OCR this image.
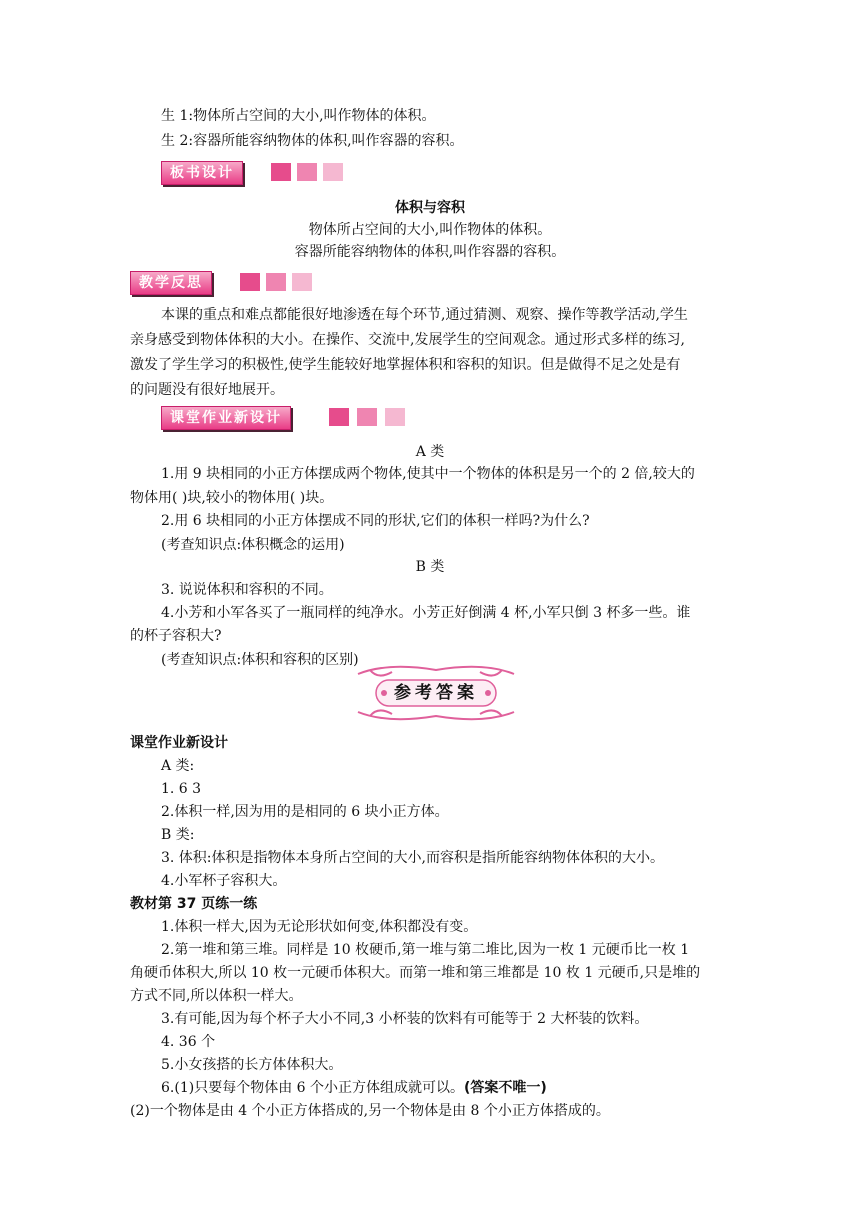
生 1:物体所占空间的大小,叫作物体的体积。
生 2:容器所能容纳物体的体积,叫作容器的容积。
板书设计
体积与容积
物体所占空间的大小,叫作物体的体积。
容器所能容纳物体的体积,叫作容器的容积。
教学反思
本课的重点和难点都能很好地渗透在每个环节,通过猜测、观察、操作等教学活动,学生
亲身感受到物体体积的大小。在操作、交流中,发展学生的空间观念。通过形式多样的练习,
激发了学生学习的积极性,使学生能较好地掌握体积和容积的知识。但是做得不足之处是有
的问题没有很好地展开。
课堂作业新设计
A 类
1.用 9 块相同的小正方体摆成两个物体,使其中一个物体的体积是另一个的 2 倍,较大的
物体用( )块,较小的物体用( )块。
2.用 6 块相同的小正方体摆成不同的形状,它们的体积一样吗?为什么?
(考查知识点:体积概念的运用)
B 类
3. 说说体积和容积的不同。
4.小芳和小军各买了一瓶同样的纯净水。小芳正好倒满 4 杯,小军只倒 3 杯多一些。谁
的杯子容积大?
(考查知识点:体积和容积的区别)
参考答案
课堂作业新设计
A 类:
1. 6 3
2.体积一样,因为用的是相同的 6 块小正方体。
B 类:
3. 体积:体积是指物体本身所占空间的大小,而容积是指所能容纳物体体积的大小。
4.小军杯子容积大。
教材第 37 页练一练
1.体积一样大,因为无论形状如何变,体积都没有变。
2.第一堆和第三堆。同样是 10 枚硬币,第一堆与第二堆比,因为一枚 1 元硬币比一枚 1
角硬币体积大,所以 10 枚一元硬币体积大。而第一堆和第三堆都是 10 枚 1 元硬币,只是堆的
方式不同,所以体积一样大。
3.有可能,因为每个杯子大小不同,3 小杯装的饮料有可能等于 2 大杯装的饮料。
4. 36 个
5.小女孩搭的长方体体积大。
6.(1)只要每个物体由 6 个小正方体组成就可以。(答案不唯一)
(2)一个物体是由 4 个小正方体搭成的,另一个物体是由 8 个小正方体搭成的。
